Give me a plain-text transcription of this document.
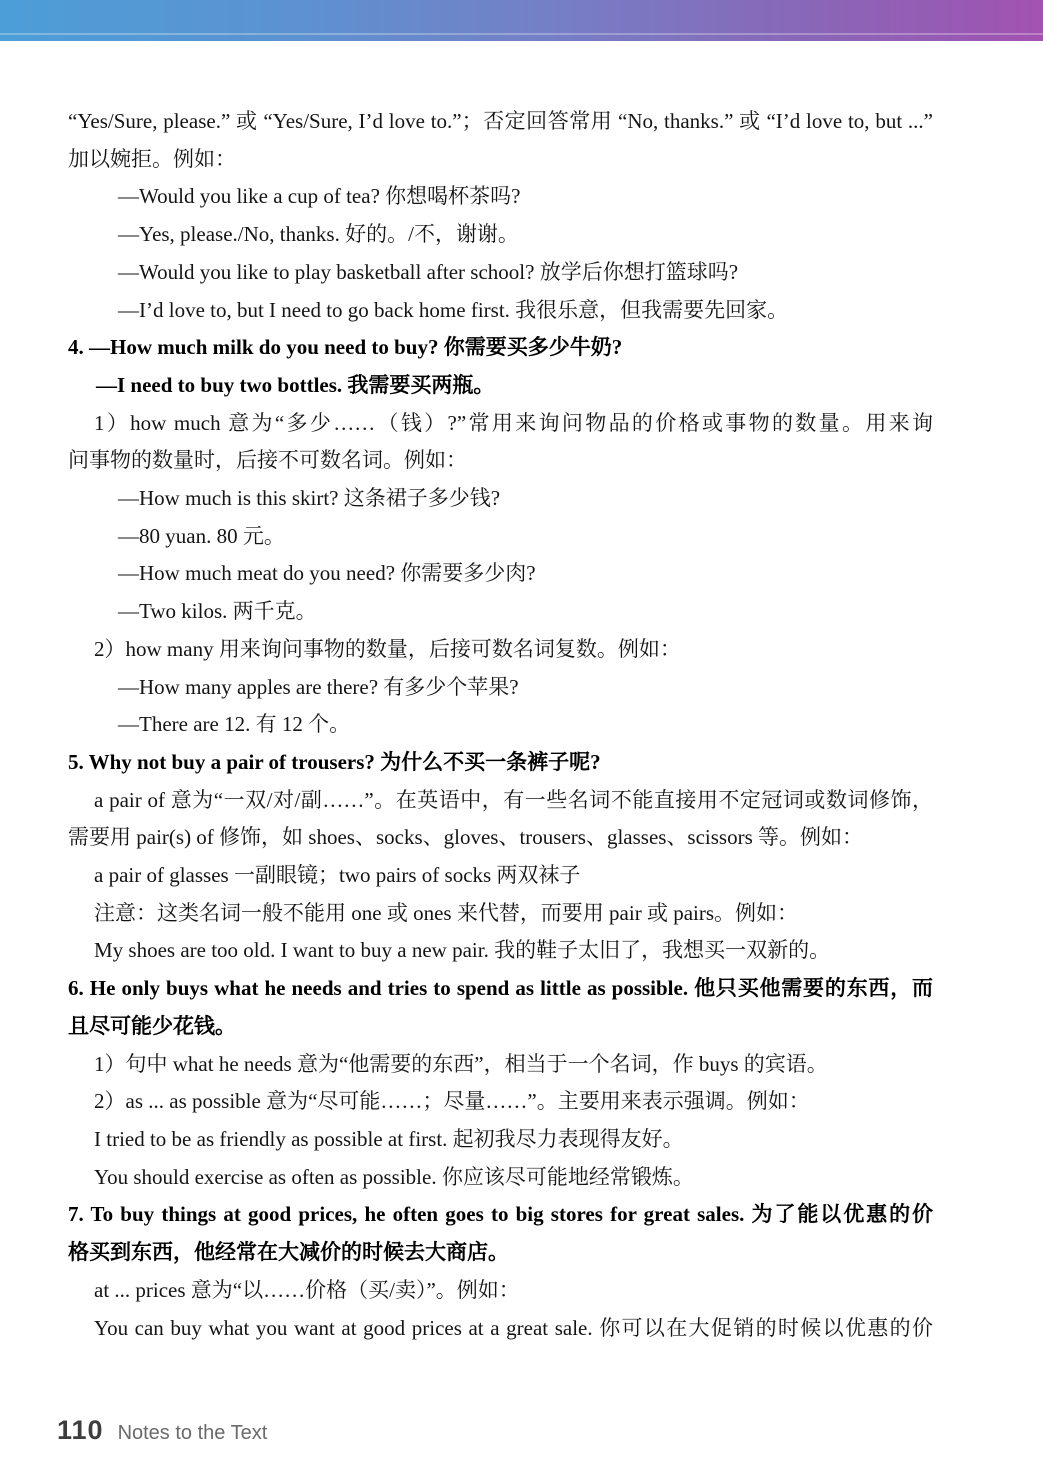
“Yes/Sure, please.” 或 “Yes/Sure, I’d love to.”；否定回答常用 “No, thanks.” 或 “I’d love to, but ...”
加以婉拒。例如：
—Would you like a cup of tea? 你想喝杯茶吗?
—Yes, please./No, thanks. 好的。/不，谢谢。
—Would you like to play basketball after school? 放学后你想打篮球吗?
—I’d love to, but I need to go back home first. 我很乐意，但我需要先回家。
4. —How much milk do you need to buy? 你需要买多少牛奶?
—I need to buy two bottles. 我需要买两瓶。
1）how much 意为“多少……（钱）?”常用来询问物品的价格或事物的数量。用来询
问事物的数量时，后接不可数名词。例如：
—How much is this skirt? 这条裙子多少钱?
—80 yuan. 80 元。
—How much meat do you need? 你需要多少肉?
—Two kilos. 两千克。
2）how many 用来询问事物的数量，后接可数名词复数。例如：
—How many apples are there? 有多少个苹果?
—There are 12. 有 12 个。
5. Why not buy a pair of trousers? 为什么不买一条裤子呢?
a pair of 意为“一双/对/副……”。在英语中，有一些名词不能直接用不定冠词或数词修饰，
需要用 pair(s) of 修饰，如 shoes、socks、gloves、trousers、glasses、scissors 等。例如：
a pair of glasses 一副眼镜；two pairs of socks 两双袜子
注意：这类名词一般不能用 one 或 ones 来代替，而要用 pair 或 pairs。例如：
My shoes are too old. I want to buy a new pair. 我的鞋子太旧了，我想买一双新的。
6. He only buys what he needs and tries to spend as little as possible. 他只买他需要的东西，而
且尽可能少花钱。
1）句中 what he needs 意为“他需要的东西”，相当于一个名词，作 buys 的宾语。
2）as ... as possible 意为“尽可能……；尽量……”。主要用来表示强调。例如：
I tried to be as friendly as possible at first. 起初我尽力表现得友好。
You should exercise as often as possible. 你应该尽可能地经常锻炼。
7. To buy things at good prices, he often goes to big stores for great sales. 为了能以优惠的价
格买到东西，他经常在大减价的时候去大商店。
at ... prices 意为“以……价格（买/卖）”。例如：
You can buy what you want at good prices at a great sale. 你可以在大促销的时候以优惠的价
110 Notes to the Text
